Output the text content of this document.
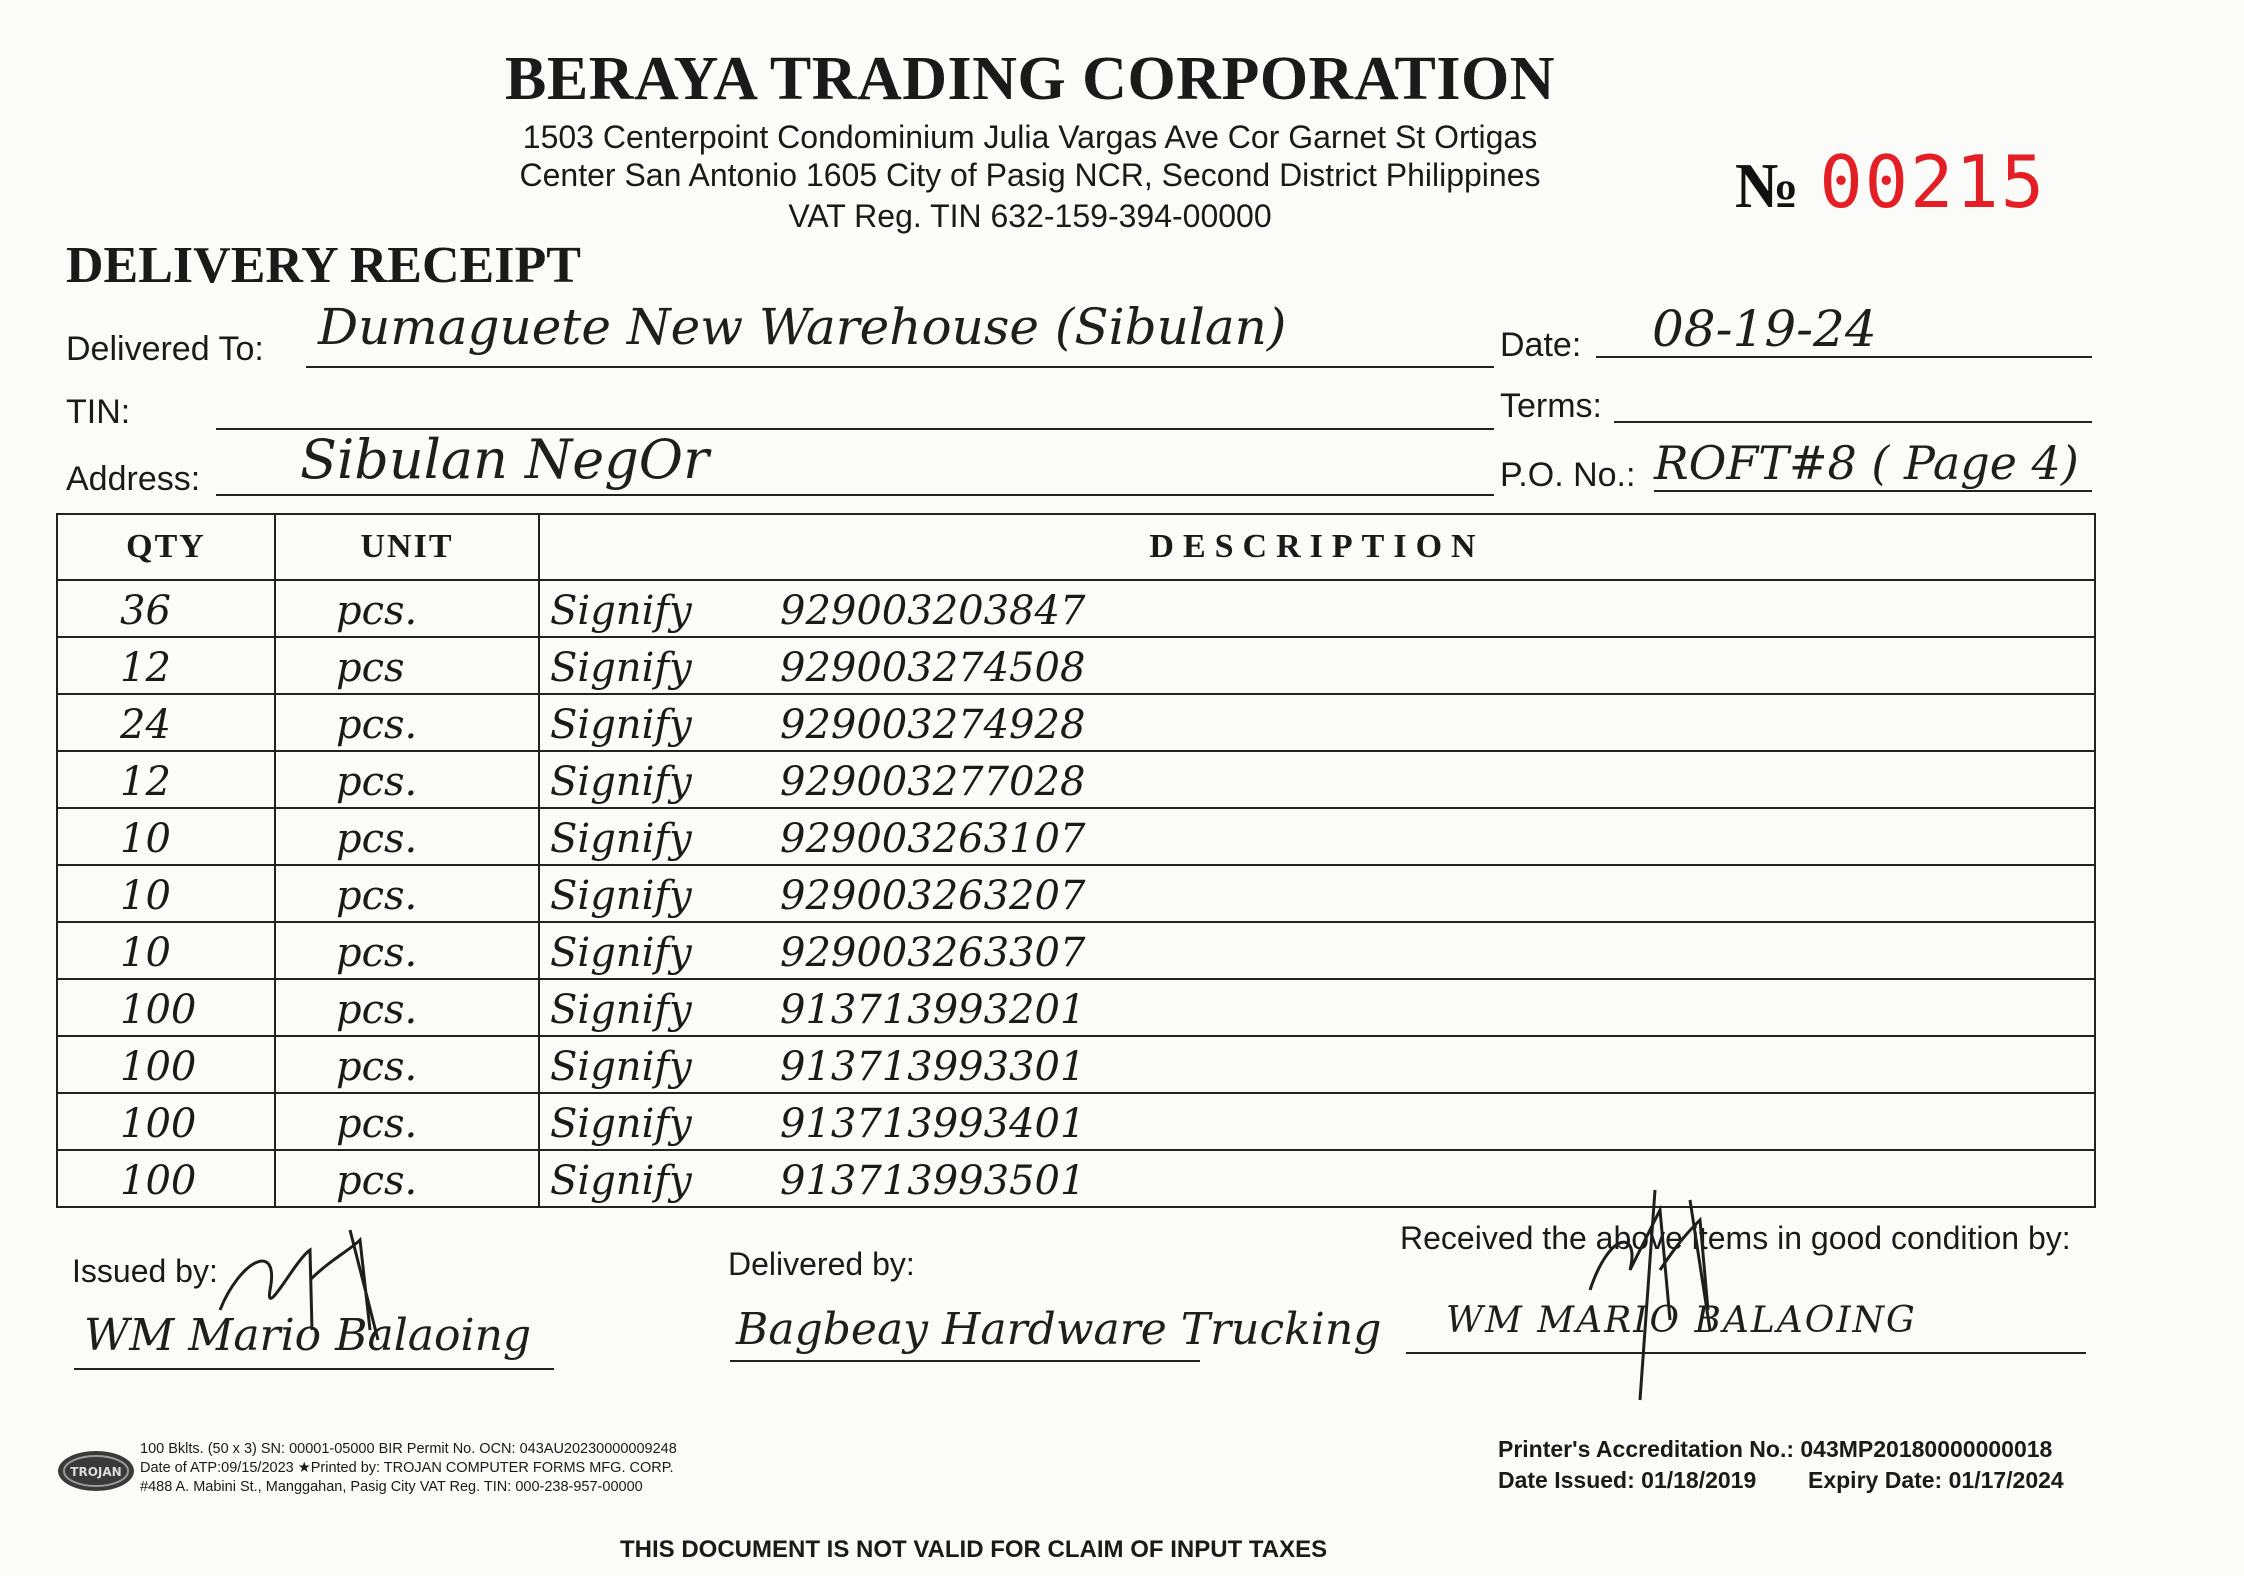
BERAYA TRADING CORPORATION
1503 Centerpoint Condominium Julia Vargas Ave Cor Garnet St Ortigas
Center San Antonio 1605 City of Pasig NCR, Second District Philippines
VAT Reg. TIN 632-159-394-00000	№ 00215
DELIVERY RECEIPT
Delivered To: Dumaguete New Warehouse (Sibulan)	Date: 08-19-24
TIN:	Terms:
Address: Sibulan NegOr	P.O. No.: ROFT#8 ( Page 4)
QTY	UNIT	DESCRIPTION
36	pcs.	Signify 929003203847
12	pcs	Signify 929003274508
24	pcs.	Signify 929003274928
12	pcs.	Signify 929003277028
10	pcs.	Signify 929003263107
10	pcs.	Signify 929003263207
10	pcs.	Signify 929003263307
100	pcs.	Signify 913713993201
100	pcs.	Signify 913713993301
100	pcs.	Signify 913713993401
100	pcs.	Signify 913713993501
Issued by:
WM Mario Balaoing
Delivered by:
Bagbeay Hardware Trucking
Received the above items in good condition by:
WM MARIO BALAOING
TROJAN
100 Bklts. (50 x 3) SN: 00001-05000 BIR Permit No. OCN: 043AU20230000009248
Date of ATP:09/15/2023 ★Printed by: TROJAN COMPUTER FORMS MFG. CORP.
#488 A. Mabini St., Manggahan, Pasig City VAT Reg. TIN: 000-238-957-00000
Printer's Accreditation No.: 043MP20180000000018
Date Issued: 01/18/2019 Expiry Date: 01/17/2024
THIS DOCUMENT IS NOT VALID FOR CLAIM OF INPUT TAXES
